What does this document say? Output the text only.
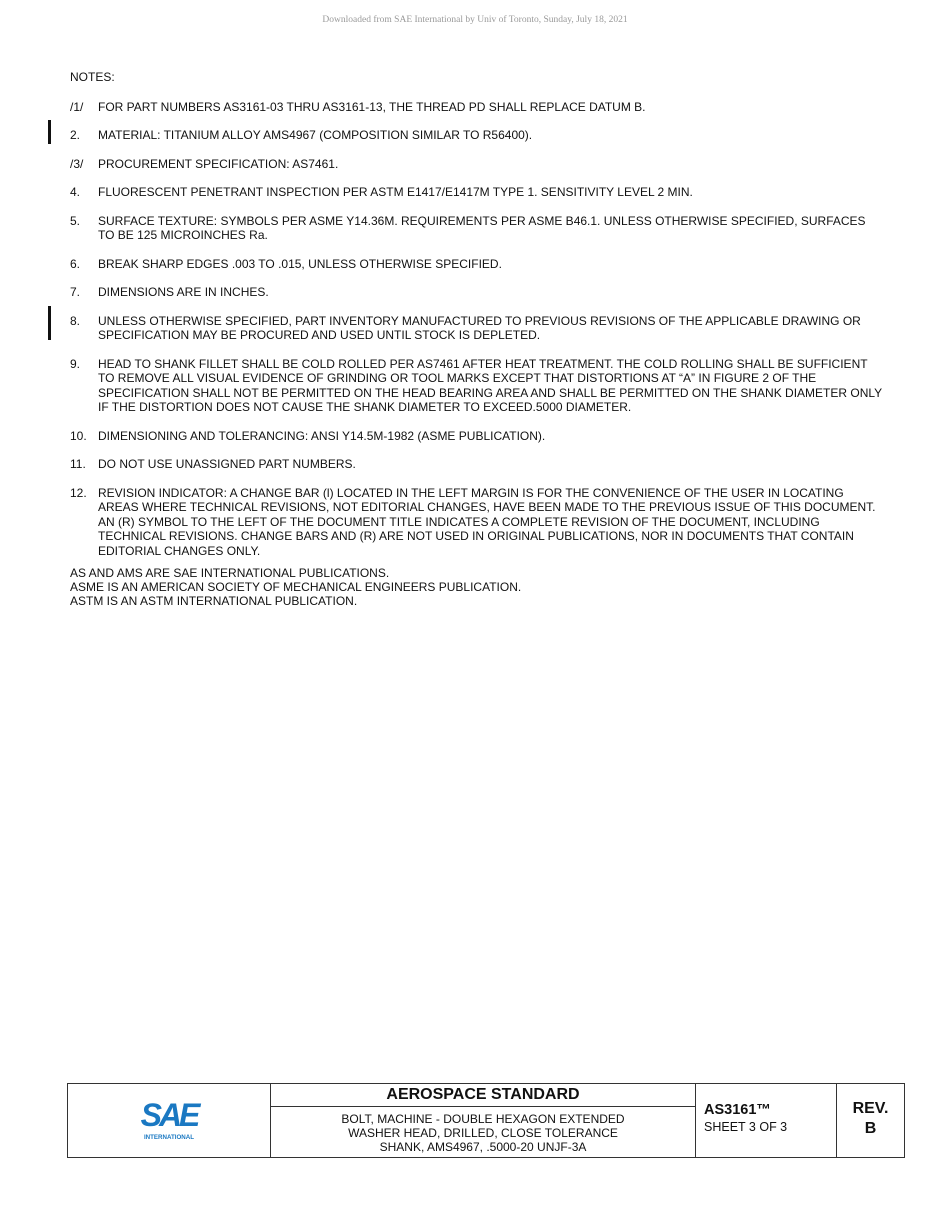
Downloaded from SAE International by Univ of Toronto, Sunday, July 18, 2021
NOTES:
/1/	FOR PART NUMBERS AS3161-03 THRU AS3161-13, THE THREAD PD SHALL REPLACE DATUM B.
2.	MATERIAL: TITANIUM ALLOY AMS4967 (COMPOSITION SIMILAR TO R56400).
/3/	PROCUREMENT SPECIFICATION: AS7461.
4.	FLUORESCENT PENETRANT INSPECTION PER ASTM E1417/E1417M TYPE 1. SENSITIVITY LEVEL 2 MIN.
5.	SURFACE TEXTURE: SYMBOLS PER ASME Y14.36M. REQUIREMENTS PER ASME B46.1. UNLESS OTHERWISE SPECIFIED, SURFACES TO BE 125 MICROINCHES Ra.
6.	BREAK SHARP EDGES .003 TO .015, UNLESS OTHERWISE SPECIFIED.
7.	DIMENSIONS ARE IN INCHES.
8.	UNLESS OTHERWISE SPECIFIED, PART INVENTORY MANUFACTURED TO PREVIOUS REVISIONS OF THE APPLICABLE DRAWING OR SPECIFICATION MAY BE PROCURED AND USED UNTIL STOCK IS DEPLETED.
9.	HEAD TO SHANK FILLET SHALL BE COLD ROLLED PER AS7461 AFTER HEAT TREATMENT. THE COLD ROLLING SHALL BE SUFFICIENT TO REMOVE ALL VISUAL EVIDENCE OF GRINDING OR TOOL MARKS EXCEPT THAT DISTORTIONS AT “A” IN FIGURE 2 OF THE SPECIFICATION SHALL NOT BE PERMITTED ON THE HEAD BEARING AREA AND SHALL BE PERMITTED ON THE SHANK DIAMETER ONLY IF THE DISTORTION DOES NOT CAUSE THE SHANK DIAMETER TO EXCEED.5000 DIAMETER.
10. DIMENSIONING AND TOLERANCING: ANSI Y14.5M-1982 (ASME PUBLICATION).
11.	DO NOT USE UNASSIGNED PART NUMBERS.
12. REVISION INDICATOR: A CHANGE BAR (l) LOCATED IN THE LEFT MARGIN IS FOR THE CONVENIENCE OF THE USER IN LOCATING AREAS WHERE TECHNICAL REVISIONS, NOT EDITORIAL CHANGES, HAVE BEEN MADE TO THE PREVIOUS ISSUE OF THIS DOCUMENT. AN (R) SYMBOL TO THE LEFT OF THE DOCUMENT TITLE INDICATES A COMPLETE REVISION OF THE DOCUMENT, INCLUDING TECHNICAL REVISIONS. CHANGE BARS AND (R) ARE NOT USED IN ORIGINAL PUBLICATIONS, NOR IN DOCUMENTS THAT CONTAIN EDITORIAL CHANGES ONLY.
AS AND AMS ARE SAE INTERNATIONAL PUBLICATIONS.
ASME IS AN AMERICAN SOCIETY OF MECHANICAL ENGINEERS PUBLICATION.
ASTM IS AN ASTM INTERNATIONAL PUBLICATION.
SAE
INTERNATIONAL
AEROSPACE STANDARD
BOLT, MACHINE - DOUBLE HEXAGON EXTENDED
WASHER HEAD, DRILLED, CLOSE TOLERANCE
SHANK, AMS4967, .5000-20 UNJF-3A
AS3161™
SHEET 3 OF 3
REV.
B
